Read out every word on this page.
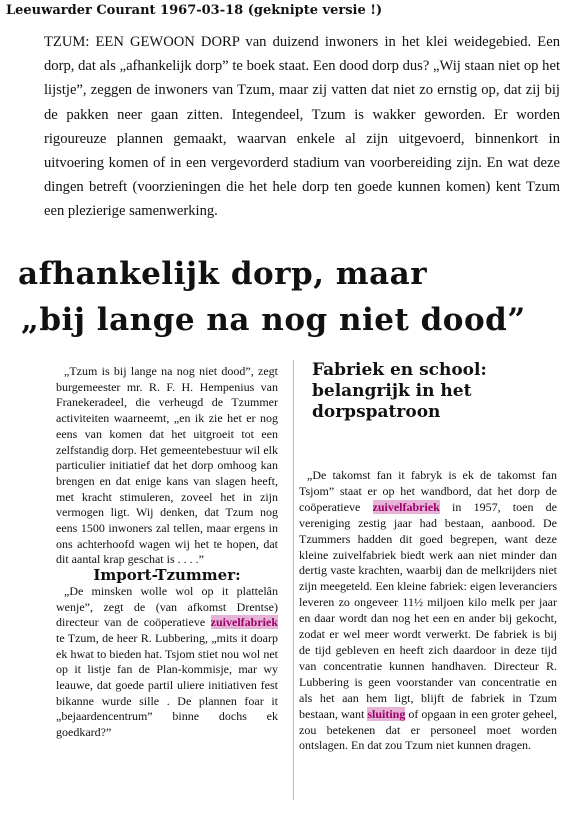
Leeuwarder Courant 1967-03-18 (geknipte versie !)
TZUM: EEN GEWOON DORP van duizend inwoners in het klei weidegebied. Een dorp, dat als „afhankelijk dorp” te boek staat. Een dood dorp dus? „Wij staan niet op het lijstje”, zeggen de inwoners van Tzum, maar zij vatten dat niet zo ernstig op, dat zij bij de pakken neer gaan zitten. Integendeel, Tzum is wakker geworden. Er worden rigoureuze plannen gemaakt, waarvan enkele al zijn uitgevoerd, binnenkort in uitvoering komen of in een vergevorderd stadium van voorbereiding zijn. En wat deze dingen betreft (voorzieningen die het hele dorp ten goede kunnen komen) kent Tzum een plezierige samenwerking.
afhankelijk dorp, maar
„bij lange na nog niet dood”

„Tzum is bij lange na nog niet dood”, zegt burgemeester mr. R. F. H. Hempenius van Franekeradeel, die verheugd de Tzummer activiteiten waarneemt, „en ik zie het er nog eens van komen dat het uitgroeit tot een zelfstandig dorp. Het gemeentebestuur wil elk particulier initiatief dat het dorp omhoog kan brengen en dat enige kans van slagen heeft, met kracht stimuleren, zoveel het in zijn vermogen ligt. Wij denken, dat Tzum nog eens 1500 inwoners zal tellen, maar ergens in ons achterhoofd wagen wij het te hopen, dat dit aantal krap geschat is . . . .”

Import-Tzummer:

„De minsken wolle wol op it plattelân wenje”, zegt de (van afkomst Drentse) directeur van de coöperatieve zuivelfabriek te Tzum, de heer R. Lubbering, „mits it doarp ek hwat to bieden hat. Tsjom stiet nou wol net op it listje fan de Plan-kommisje, mar wy leauwe, dat goede partil uliere initiativen fest bikanne wurde sille . De plannen foar it „bejaardencentrum” binne dochs ek goedkard?”

Fabriek en school: belangrijk in het dorpspatroon

„De takomst fan it fabryk is ek de takomst fan Tsjom” staat er op het wandbord, dat het dorp de coöperatieve zuivelfabriek in 1957, toen de vereniging zestig jaar had bestaan, aanbood. De Tzummers hadden dit goed begrepen, want deze kleine zuivelfabriek biedt werk aan niet minder dan dertig vaste krachten, waarbij dan de melkrijders niet zijn meegeteld. Een kleine fabriek: eigen leveranciers leveren zo ongeveer 11½ miljoen kilo melk per jaar en daar wordt dan nog het een en ander bij gekocht, zodat er wel meer wordt verwerkt. De fabriek is bij de tijd gebleven en heeft zich daardoor in deze tijd van concentratie kunnen handhaven. Directeur R. Lubbering is geen voorstander van concentratie en als het aan hem ligt, blijft de fabriek in Tzum bestaan, want sluiting of opgaan in een groter geheel, zou betekenen dat er personeel moet worden ontslagen. En dat zou Tzum niet kunnen dragen.
